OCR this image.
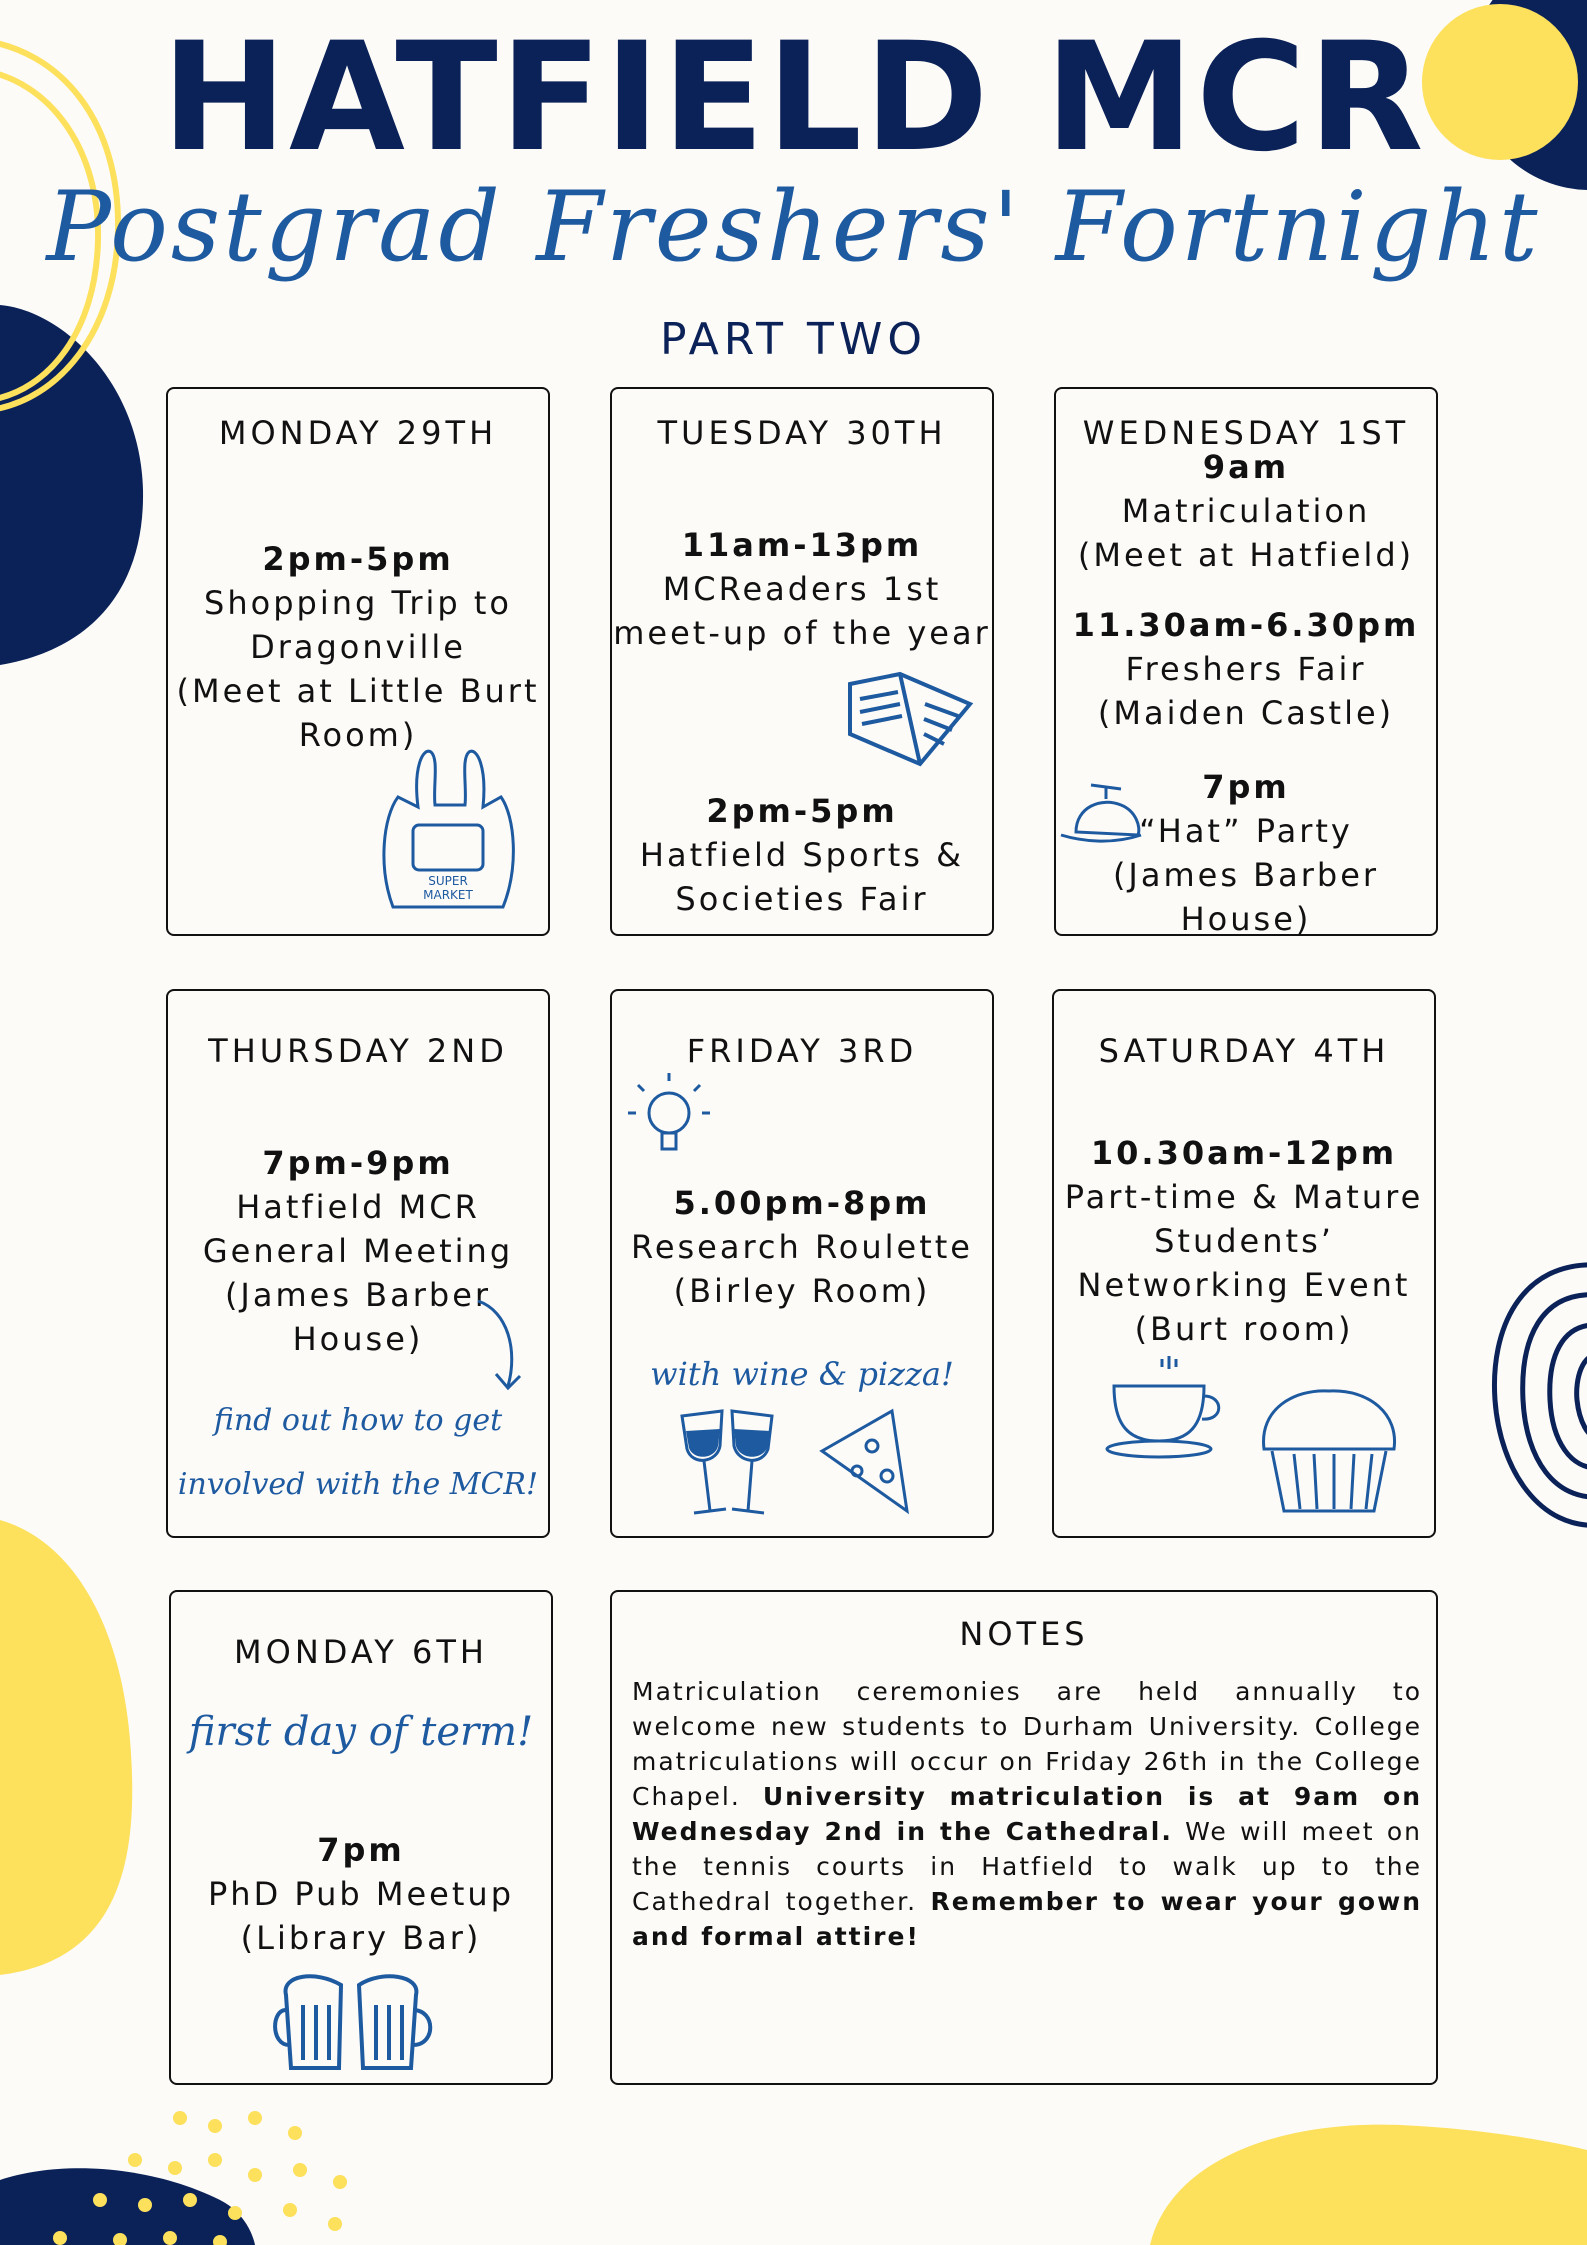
HATFIELD MCR
Postgrad Freshers' Fortnight
PART TWO
MONDAY 29TH
2pm-5pm
Shopping Trip to
Dragonville
(Meet at Little Burt
Room)
SUPER
MARKET
TUESDAY 30TH
11am-13pm
MCReaders 1st
meet-up of the year
2pm-5pm
Hatfield Sports &
Societies Fair
WEDNESDAY 1ST
9am
Matriculation
(Meet at Hatfield)
11.30am-6.30pm
Freshers Fair
(Maiden Castle)
7pm
“Hat” Party
(James Barber
House)
THURSDAY 2ND
7pm-9pm
Hatfield MCR
General Meeting
(James Barber
House)
find out how to get
involved with the MCR!
FRIDAY 3RD
5.00pm-8pm
Research Roulette
(Birley Room)
with wine & pizza!
SATURDAY 4TH
10.30am-12pm
Part-time & Mature
Students’
Networking Event
(Burt room)
MONDAY 6TH
first day of term!
7pm
PhD Pub Meetup
(Library Bar)
NOTES
Matriculation ceremonies are held annually to welcome new students to Durham University. College matriculations will occur on Friday 26th in the College Chapel. University matriculation is at 9am on Wednesday 2nd in the Cathedral. We will meet on the tennis courts in Hatfield to walk up to the Cathedral together. Remember to wear your gown and formal attire!
